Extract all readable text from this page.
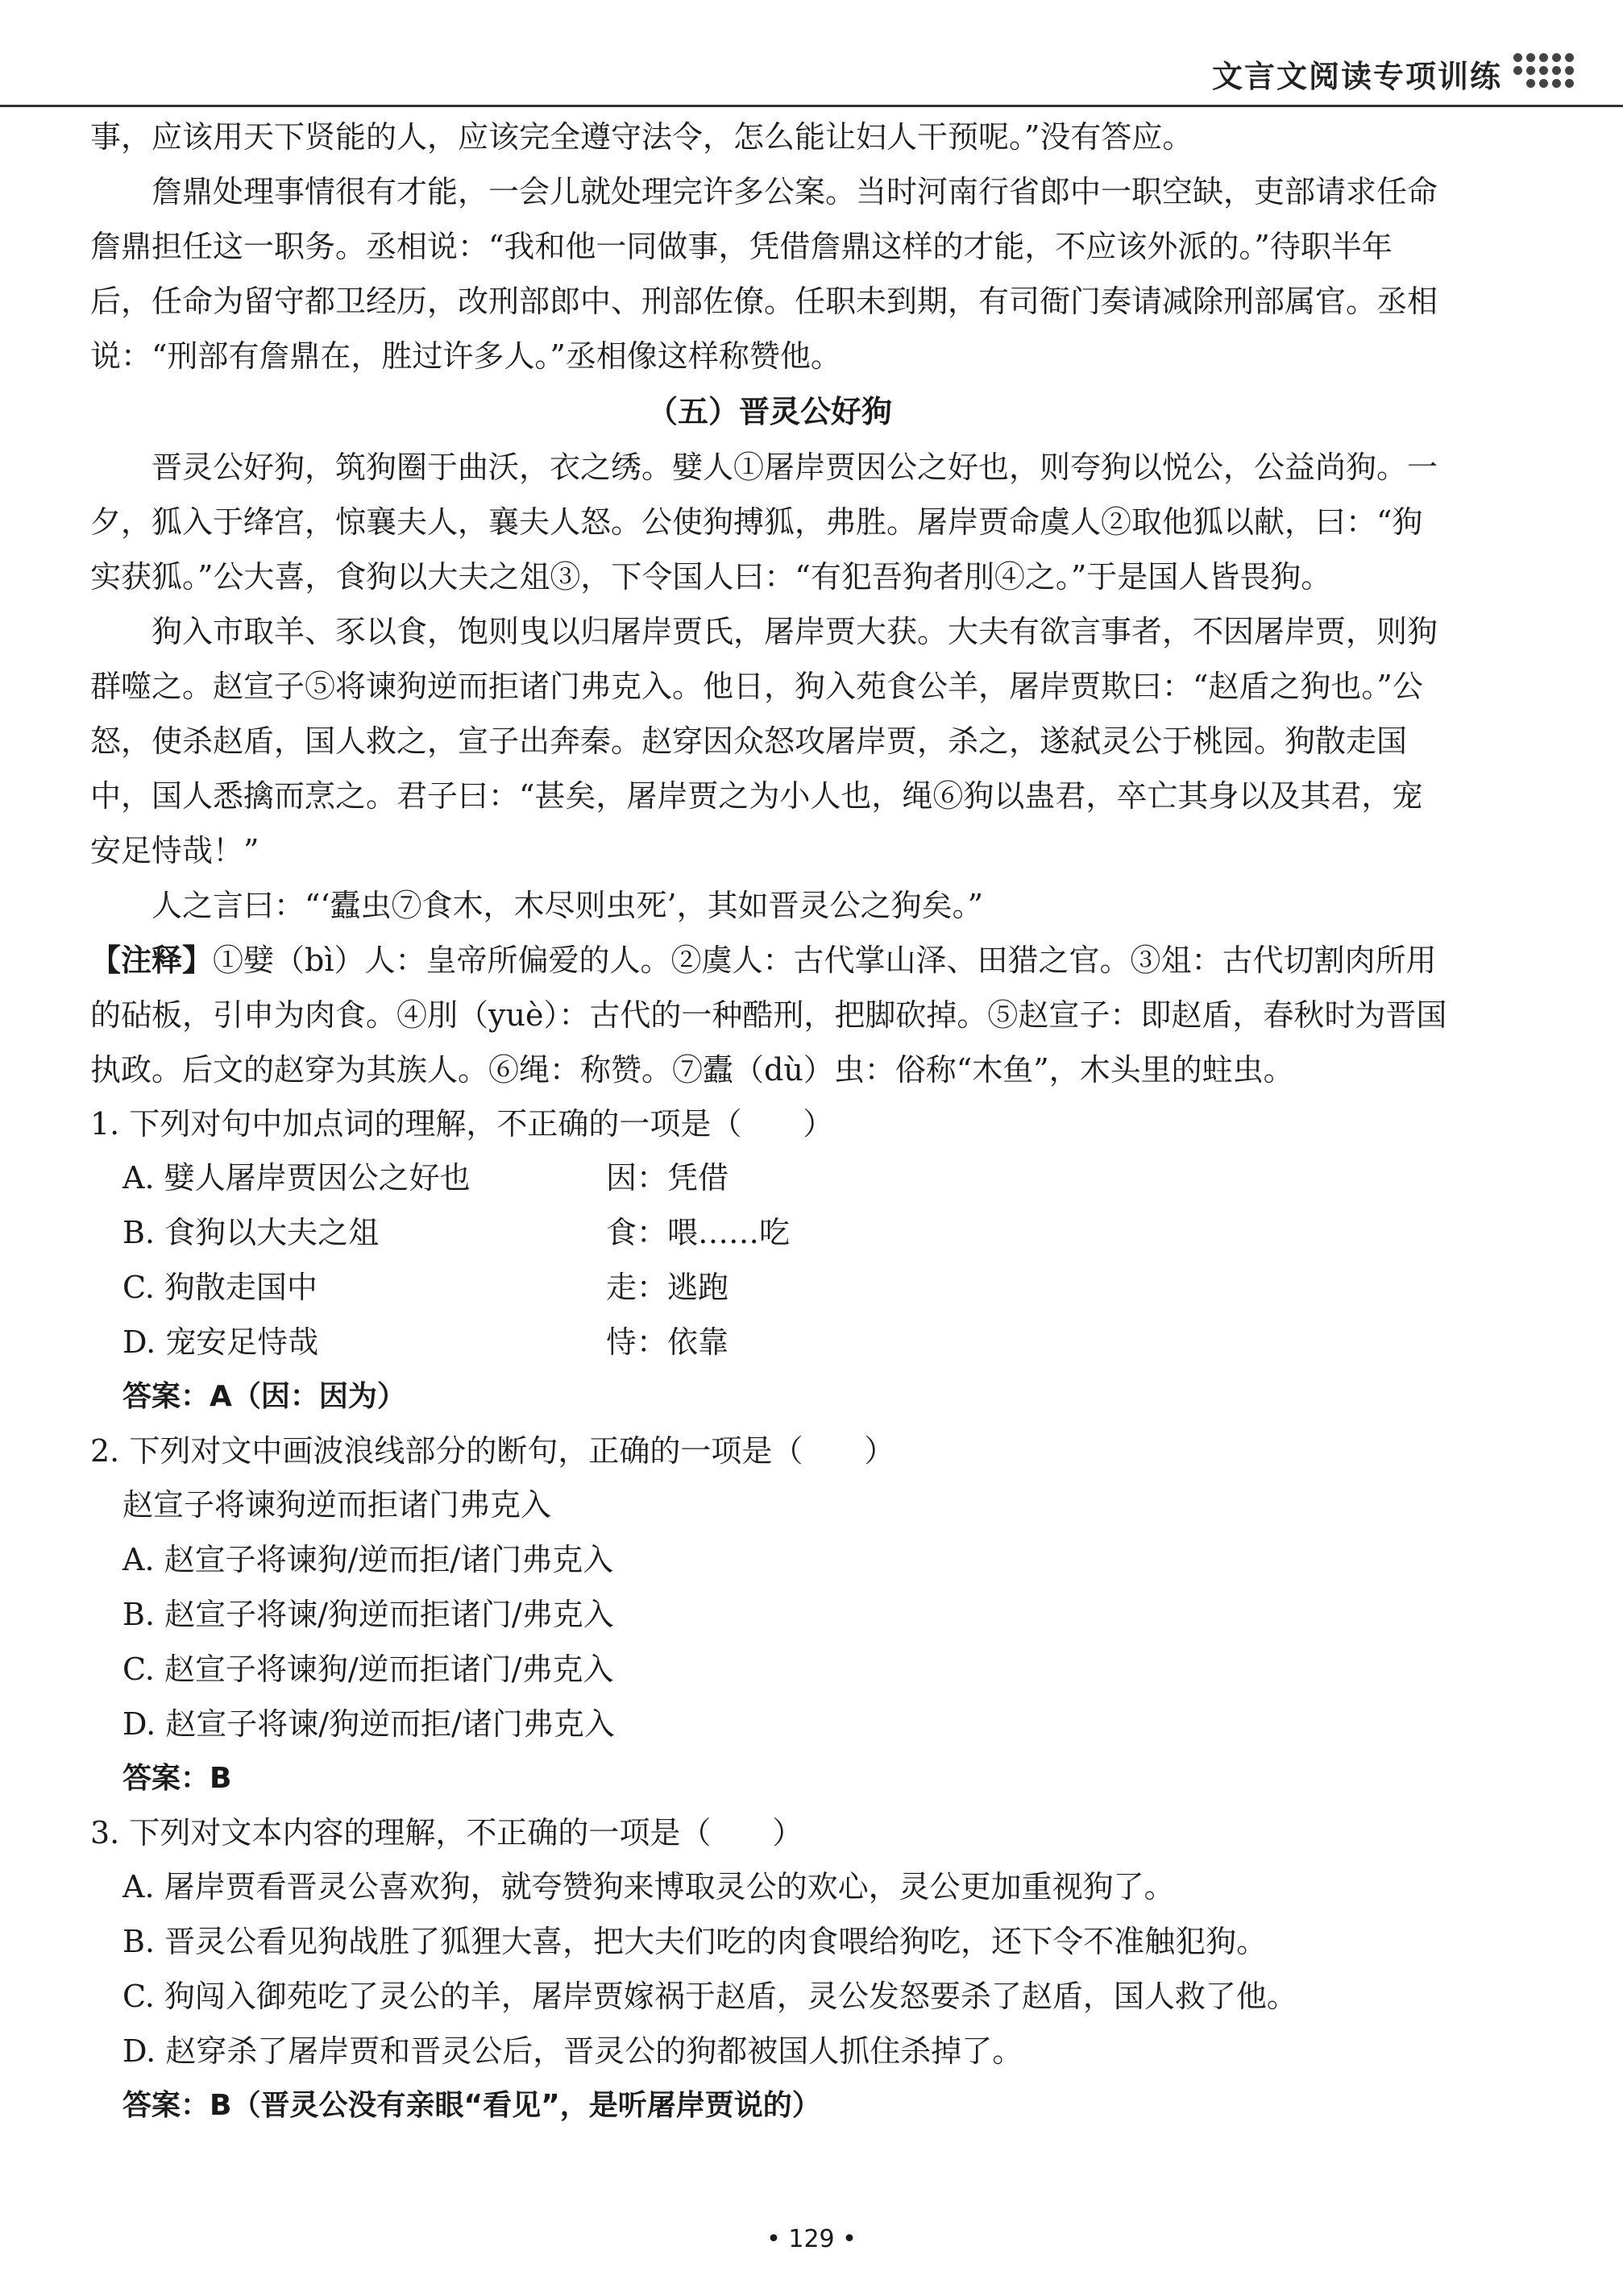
文言文阅读专项训练

事，应该用天下贤能的人，应该完全遵守法令，怎么能让妇人干预呢。”没有答应。

詹鼎处理事情很有才能，一会儿就处理完许多公案。当时河南行省郎中一职空缺，吏部请求任命詹鼎担任这一职务。丞相说：“我和他一同做事，凭借詹鼎这样的才能，不应该外派的。”待职半年后，任命为留守都卫经历，改刑部郎中、刑部佐僚。任职未到期，有司衙门奏请减除刑部属官。丞相说：“刑部有詹鼎在，胜过许多人。”丞相像这样称赞他。

（五）晋灵公好狗

晋灵公好狗，筑狗圈于曲沃，衣之绣。嬖人①屠岸贾因公之好也，则夸狗以悦公，公益尚狗。一夕，狐入于绛宫，惊襄夫人，襄夫人怒。公使狗搏狐，弗胜。屠岸贾命虞人②取他狐以献，曰：“狗实获狐。”公大喜，食狗以大夫之俎③，下令国人曰：“有犯吾狗者刖④之。”于是国人皆畏狗。

狗入市取羊、豕以食，饱则曳以归屠岸贾氏，屠岸贾大获。大夫有欲言事者，不因屠岸贾，则狗群噬之。赵宣子⑤将谏狗逆而拒诸门弗克入。他日，狗入苑食公羊，屠岸贾欺曰：“赵盾之狗也。”公怒，使杀赵盾，国人救之，宣子出奔秦。赵穿因众怒攻屠岸贾，杀之，遂弑灵公于桃园。狗散走国中，国人悉擒而烹之。君子曰：“甚矣，屠岸贾之为小人也，绳⑥狗以蛊君，卒亡其身以及其君，宠安足恃哉！”

人之言曰：“‘蠹虫⑦食木，木尽则虫死’，其如晋灵公之狗矣。”

【注释】①嬖（bì）人：皇帝所偏爱的人。②虞人：古代掌山泽、田猎之官。③俎：古代切割肉所用的砧板，引申为肉食。④刖（yuè）：古代的一种酷刑，把脚砍掉。⑤赵宣子：即赵盾，春秋时为晋国执政。后文的赵穿为其族人。⑥绳：称赞。⑦蠹（dù）虫：俗称“木鱼”，木头里的蛀虫。

1. 下列对句中加点词的理解，不正确的一项是（　　）

A. 嬖人屠岸贾因公之好也	因：凭借
B. 食狗以大夫之俎	食：喂……吃
C. 狗散走国中	走：逃跑
D. 宠安足恃哉	恃：依靠

答案：A（因：因为）

2. 下列对文中画波浪线部分的断句，正确的一项是（　　）

赵宣子将谏狗逆而拒诸门弗克入

A. 赵宣子将谏狗/逆而拒/诸门弗克入

B. 赵宣子将谏/狗逆而拒诸门/弗克入

C. 赵宣子将谏狗/逆而拒诸门/弗克入

D. 赵宣子将谏/狗逆而拒/诸门弗克入

答案：B

3. 下列对文本内容的理解，不正确的一项是（　　）

A. 屠岸贾看晋灵公喜欢狗，就夸赞狗来博取灵公的欢心，灵公更加重视狗了。

B. 晋灵公看见狗战胜了狐狸大喜，把大夫们吃的肉食喂给狗吃，还下令不准触犯狗。

C. 狗闯入御苑吃了灵公的羊，屠岸贾嫁祸于赵盾，灵公发怒要杀了赵盾，国人救了他。

D. 赵穿杀了屠岸贾和晋灵公后，晋灵公的狗都被国人抓住杀掉了。

答案：B（晋灵公没有亲眼“看见”，是听屠岸贾说的）

• 129 •
